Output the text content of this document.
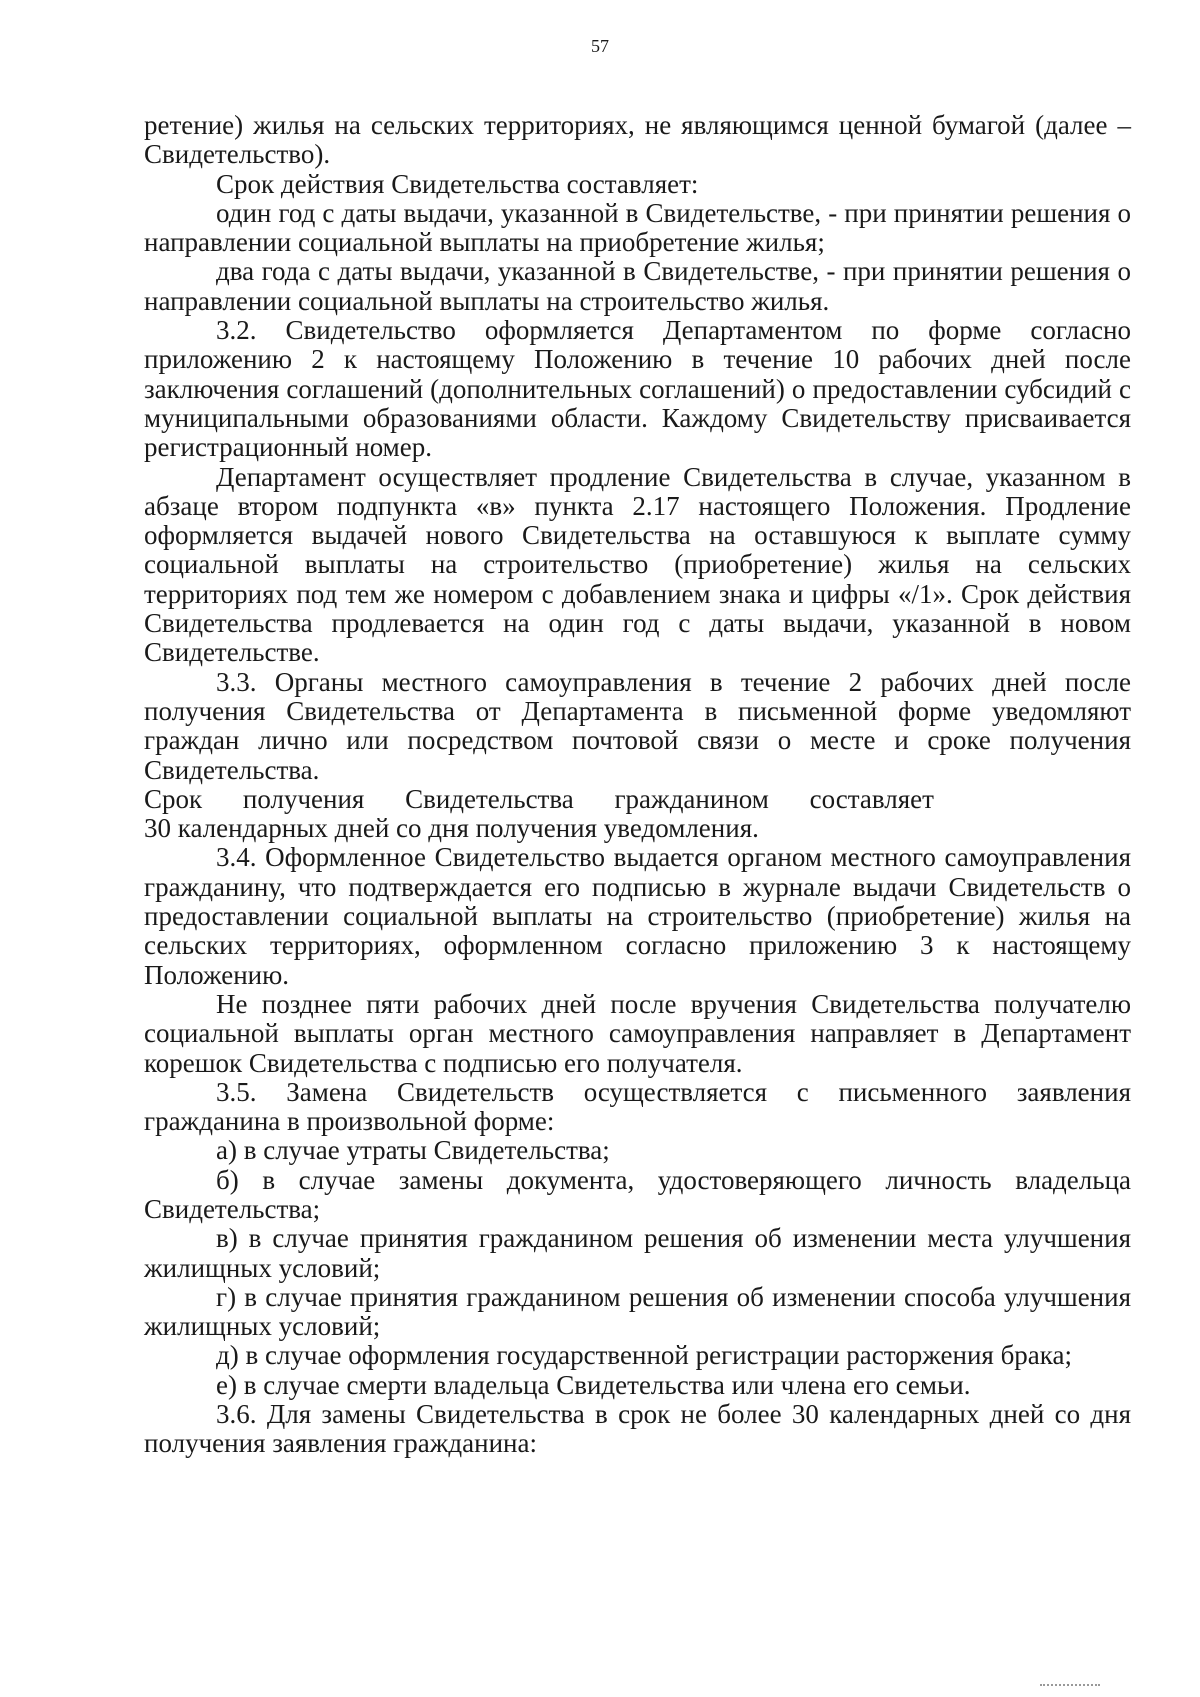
57

ретение) жилья на сельских территориях, не являющимся ценной бумагой (далее – Свидетельство).

Срок действия Свидетельства составляет:

один год с даты выдачи, указанной в Свидетельстве, - при принятии решения о направлении социальной выплаты на приобретение жилья;

два года с даты выдачи, указанной в Свидетельстве, - при принятии решения о направлении социальной выплаты на строительство жилья.

3.2. Свидетельство оформляется Департаментом по форме согласно приложению 2 к настоящему Положению в течение 10 рабочих дней после заключения соглашений (дополнительных соглашений) о предоставлении субсидий с муниципальными образованиями области. Каждому Свидетельству присваивается регистрационный номер.

Департамент осуществляет продление Свидетельства в случае, указанном в абзаце втором подпункта «в» пункта 2.17 настоящего Положения. Продление оформляется выдачей нового Свидетельства на оставшуюся к выплате сумму социальной выплаты на строительство (приобретение) жилья на сельских территориях под тем же номером с добавлением знака и цифры «/1». Срок действия Свидетельства продлевается на один год с даты выдачи, указанной в новом Свидетельстве.

3.3. Органы местного самоуправления в течение 2 рабочих дней после получения Свидетельства от Департамента в письменной форме уведомляют граждан лично или посредством почтовой связи о месте и сроке получения Свидетельства.

Срок получения Свидетельства гражданином составляет

30 календарных дней со дня получения уведомления.

3.4. Оформленное Свидетельство выдается органом местного самоуправления гражданину, что подтверждается его подписью в журнале выдачи Свидетельств о предоставлении социальной выплаты на строительство (приобретение) жилья на сельских территориях, оформленном согласно приложению 3 к настоящему Положению.

Не позднее пяти рабочих дней после вручения Свидетельства получателю социальной выплаты орган местного самоуправления направляет в Департамент корешок Свидетельства с подписью его получателя.

3.5. Замена Свидетельств осуществляется с письменного заявления гражданина в произвольной форме:

а) в случае утраты Свидетельства;

б) в случае замены документа, удостоверяющего личность владельца Свидетельства;

в) в случае принятия гражданином решения об изменении места улучшения жилищных условий;

г) в случае принятия гражданином решения об изменении способа улучшения жилищных условий;

д) в случае оформления государственной регистрации расторжения брака;

е) в случае смерти владельца Свидетельства или члена его семьи.

3.6. Для замены Свидетельства в срок не более 30 календарных дней со дня получения заявления гражданина:
